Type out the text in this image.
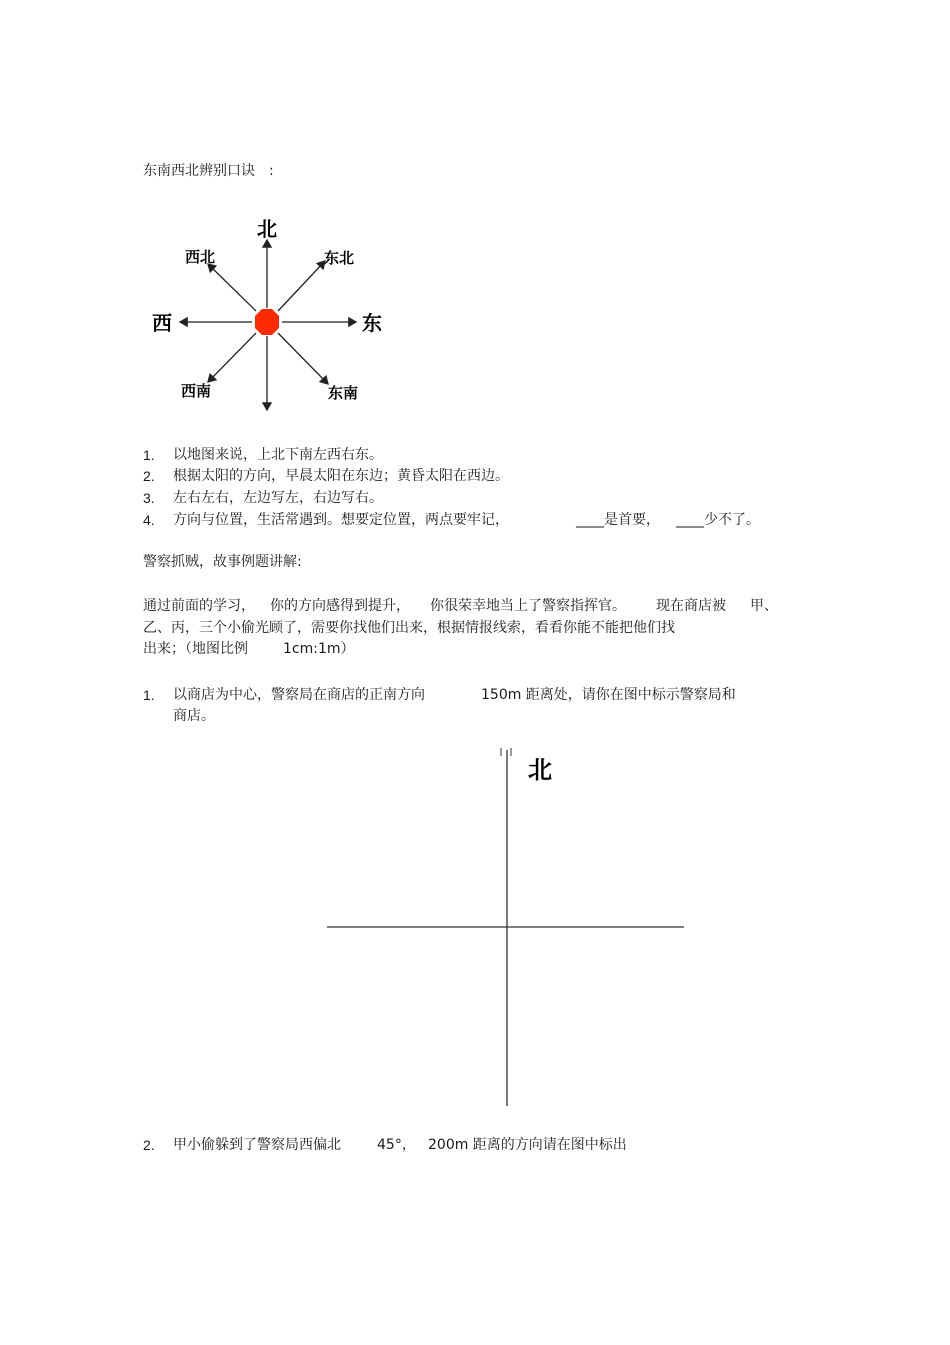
东南西北辨别口诀　:
北
西北	东北
西	东
西南	东南
1. 以地图来说，上北下南左西右东。
2. 根据太阳的方向，早晨太阳在东边；黄昏太阳在西边。
3. 左右左右，左边写左，右边写右。
4. 方向与位置，生活常遇到。想要定位置，两点要牢记，	____是首要， ____少不了。
警察抓贼，故事例题讲解:
通过前面的学习， 你的方向感得到提升， 你很荣幸地当上了警察指挥官。 现在商店被 甲、
乙、丙，三个小偷光顾了，需要你找他们出来，根据情报线索，看看你能不能把他们找
出来；（地图比例	1cm:1m）
1. 以商店为中心，警察局在商店的正南方向	150m 距离处，请你在图中标示警察局和
商店。
北
2. 甲小偷躲到了警察局西偏北	45°， 200m 距离的方向请在图中标出
